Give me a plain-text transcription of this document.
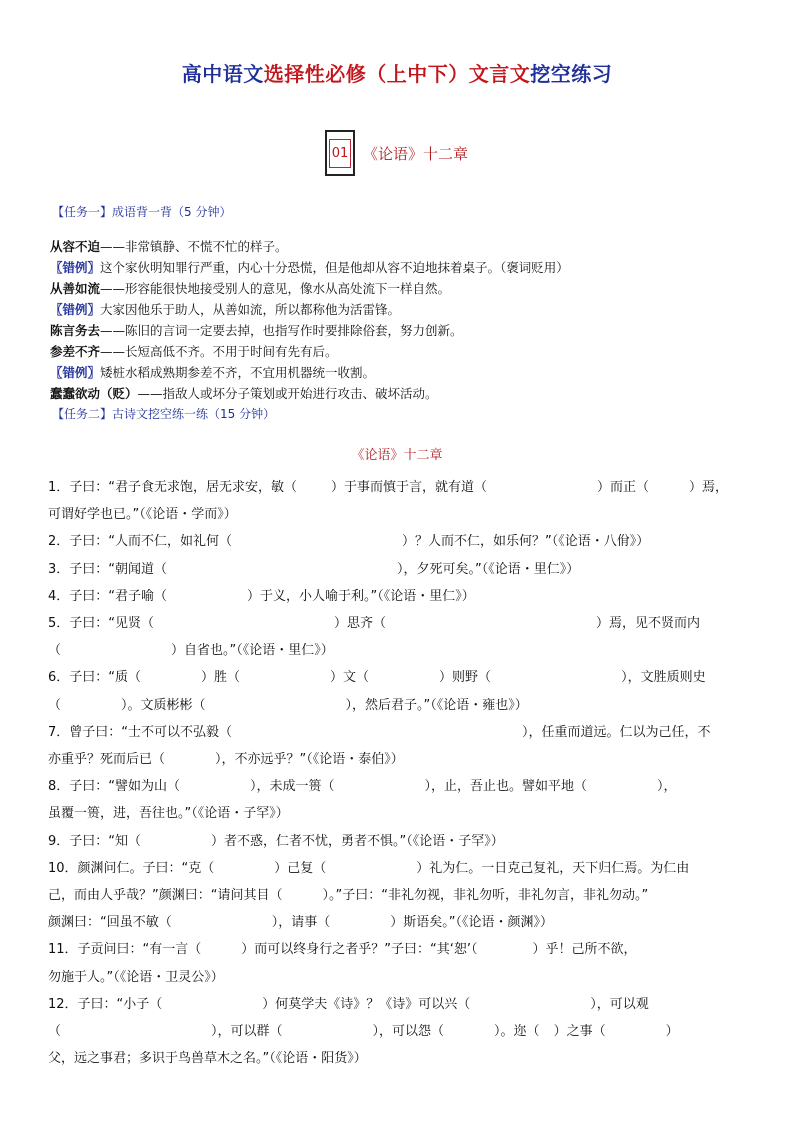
高中语文选择性必修（上中下）文言文挖空练习
01 《论语》十二章
【任务一】成语背一背（5 分钟）
从容不迫——非常镇静、不慌不忙的样子。
〖错例〗这个家伙明知罪行严重，内心十分恐慌，但是他却从容不迫地抹着桌子。（褒词贬用）
从善如流——形容能很快地接受别人的意见，像水从高处流下一样自然。
〖错例〗大家因他乐于助人，从善如流，所以都称他为活雷锋。
陈言务去——陈旧的言词一定要去掉，也指写作时要排除俗套，努力创新。
参差不齐——长短高低不齐。不用于时间有先有后。
〖错例〗矮桩水稻成熟期参差不齐，不宜用机器统一收割。
蠢蠢欲动（贬）——指敌人或坏分子策划或开始进行攻击、破坏活动。
【任务二】古诗文挖空练一练（15 分钟）
《论语》十二章
1．子曰：“君子食无求饱，居无求安，敏（	）于事而慎于言，就有道（	）而正（	）焉，
可谓好学也已。”（《论语・学而》）
2．子曰：“人而不仁，如礼何（	）？人而不仁，如乐何？”（《论语・八佾》）
3．子曰：“朝闻道（	），夕死可矣。”（《论语・里仁》）
4．子曰：“君子喻（	）于义，小人喻于利。”（《论语・里仁》）
5．子曰：“见贤（	）思齐（	）焉，见不贤而内
（	）自省也。”（《论语・里仁》）
6．子曰：“质（	）胜（	）文（	）则野（	），文胜质则史
（	）。文质彬彬（	），然后君子。”（《论语・雍也》）
7．曾子曰：“士不可以不弘毅（	），任重而道远。仁以为己任，不
亦重乎？死而后已（	），不亦远乎？”（《论语・泰伯》）
8．子曰：“譬如为山（	），未成一篑（	），止，吾止也。譬如平地（	），
虽覆一篑，进，吾往也。”（《论语・子罕》）
9．子曰：“知（	）者不惑，仁者不忧，勇者不惧。”（《论语・子罕》）
10．颜渊问仁。子曰：“克（	）己复（	）礼为仁。一日克己复礼，天下归仁焉。为仁由
己，而由人乎哉？”颜渊曰：“请问其目（	）。”子曰：“非礼勿视，非礼勿听，非礼勿言，非礼勿动。”
颜渊曰：“回虽不敏（	），请事（	）斯语矣。”（《论语・颜渊》）
11．子贡问曰：“有一言（	）而可以终身行之者乎？”子曰：“其‘恕’（	）乎！己所不欲，
勿施于人。”（《论语・卫灵公》）
12．子曰：“小子（	）何莫学夫《诗》？《诗》可以兴（	），可以观
（	），可以群（	），可以怨（	）。迩（ ）之事（	）
父，远之事君；多识于鸟兽草木之名。”（《论语・阳货》）
